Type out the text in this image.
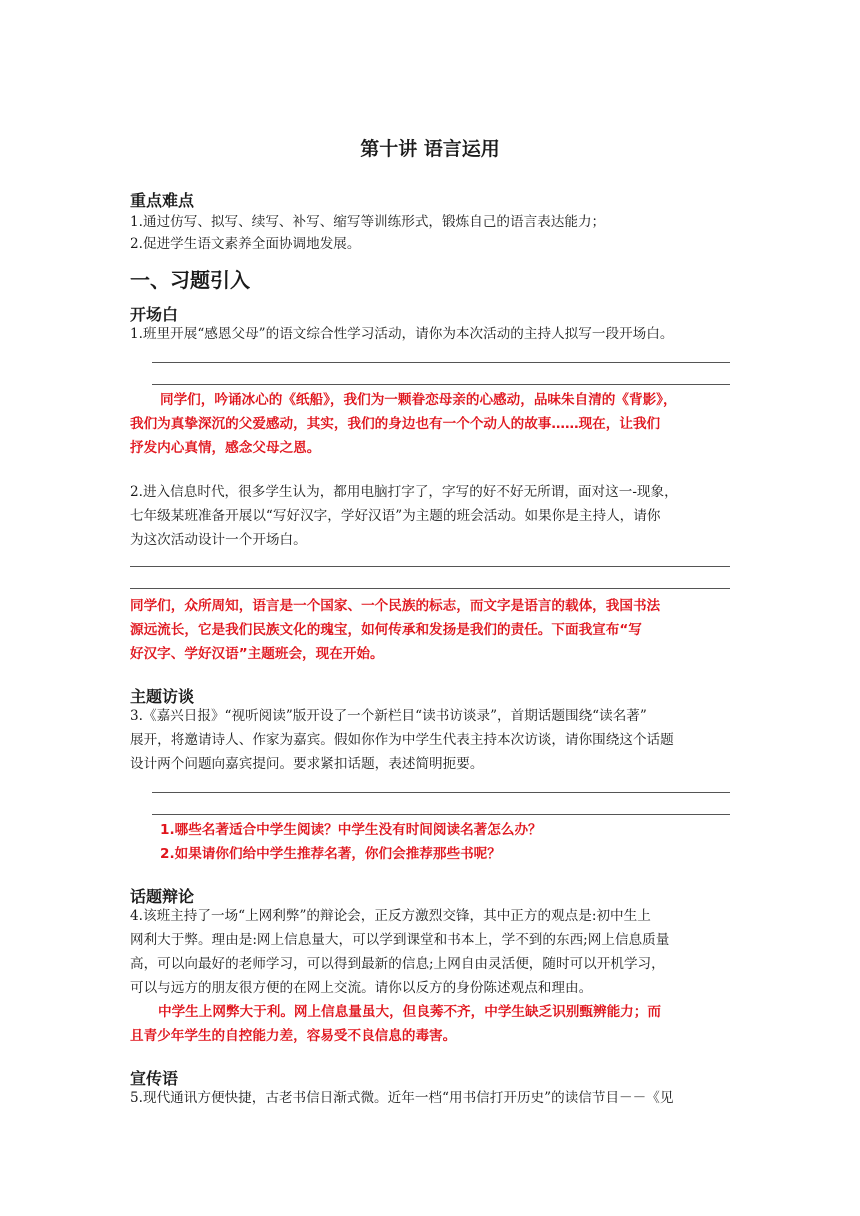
第十讲 语言运用
重点难点
1.通过仿写、拟写、续写、补写、缩写等训练形式，锻炼自己的语言表达能力；
2.促进学生语文素养全面协调地发展。
一、习题引入
开场白
1.班里开展“感恩父母”的语文综合性学习活动，请你为本次活动的主持人拟写一段开场白。
同学们，吟诵冰心的《纸船》，我们为一颗眷恋母亲的心感动，品味朱自清的《背影》，
我们为真挚深沉的父爱感动，其实，我们的身边也有一个个动人的故事……现在，让我们
抒发内心真情，感念父母之恩。
2.进入信息时代，很多学生认为，都用电脑打字了，字写的好不好无所谓，面对这一-现象，
七年级某班准备开展以“写好汉字，学好汉语”为主题的班会活动。如果你是主持人，请你
为这次活动设计一个开场白。
同学们，众所周知，语言是一个国家、一个民族的标志，而文字是语言的载体，我国书法
源远流长，它是我们民族文化的瑰宝，如何传承和发扬是我们的责任。下面我宣布“写
好汉字、学好汉语”主题班会，现在开始。
主题访谈
3.《嘉兴日报》“视听阅读”版开设了一个新栏目“读书访谈录”，首期话题围绕“读名著”
展开，将邀请诗人、作家为嘉宾。假如你作为中学生代表主持本次访谈，请你围绕这个话题
设计两个问题向嘉宾提问。要求紧扣话题，表述简明扼要。
1.哪些名著适合中学生阅读？中学生没有时间阅读名著怎么办？
2.如果请你们给中学生推荐名著，你们会推荐那些书呢？
话题辩论
4.该班主持了一场“上网利弊”的辩论会，正反方激烈交锋，其中正方的观点是:初中生上
网利大于弊。理由是:网上信息量大，可以学到课堂和书本上，学不到的东西;网上信息质量
高，可以向最好的老师学习，可以得到最新的信息;上网自由灵活便，随时可以开机学习，
可以与远方的朋友很方便的在网上交流。请你以反方的身份陈述观点和理由。
中学生上网弊大于利。网上信息量虽大，但良莠不齐，中学生缺乏识别甄辨能力；而
且青少年学生的自控能力差，容易受不良信息的毒害。
宣传语
5.现代通讯方便快捷，古老书信日渐式微。近年一档“用书信打开历史”的读信节目－－《见
